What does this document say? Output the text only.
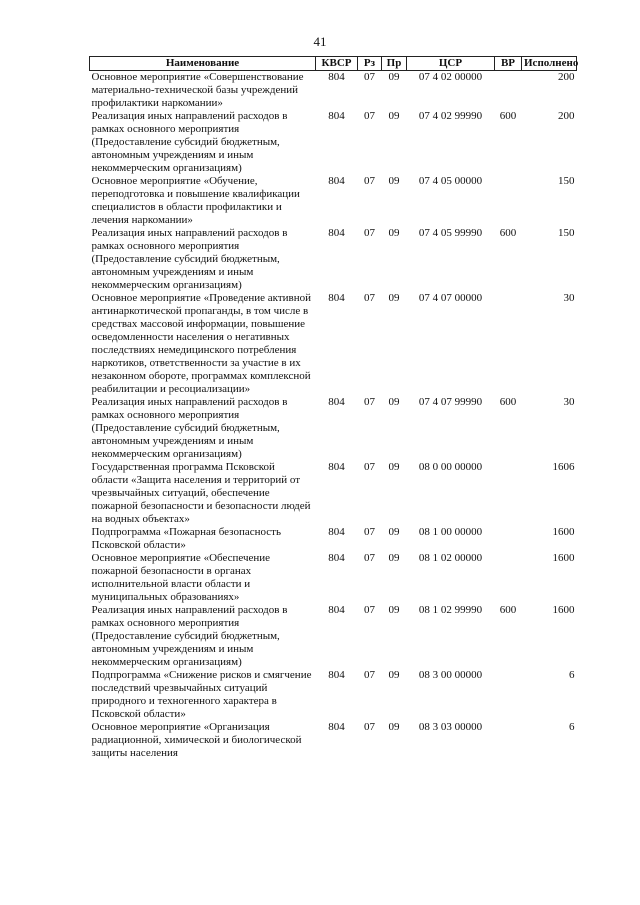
41
Наименование	КВСР	Рз	Пр	ЦСР	ВР	Исполнено
Основное мероприятие «Совершенствование материально-технической базы учреждений профилактики наркомании»	804	07	09	07 4 02 00000		200
Реализация иных направлений расходов в рамках основного мероприятия (Предоставление субсидий бюджетным, автономным учреждениям и иным некоммерческим организациям)	804	07	09	07 4 02 99990	600	200
Основное мероприятие «Обучение, переподготовка и повышение квалификации специалистов в области профилактики и лечения наркомании»	804	07	09	07 4 05 00000		150
Реализация иных направлений расходов в рамках основного мероприятия (Предоставление субсидий бюджетным, автономным учреждениям и иным некоммерческим организациям)	804	07	09	07 4 05 99990	600	150
Основное мероприятие «Проведение активной антинаркотической пропаганды, в том числе в средствах массовой информации, повышение осведомленности населения о негативных последствиях немедицинского потребления наркотиков, ответственности за участие в их незаконном обороте, программах комплексной реабилитации и ресоциализации»	804	07	09	07 4 07 00000		30
Реализация иных направлений расходов в рамках основного мероприятия (Предоставление субсидий бюджетным, автономным учреждениям и иным некоммерческим организациям)	804	07	09	07 4 07 99990	600	30
Государственная программа Псковской области «Защита населения и территорий от чрезвычайных ситуаций, обеспечение пожарной безопасности и безопасности людей на водных объектах»	804	07	09	08 0 00 00000		1606
Подпрограмма «Пожарная безопасность Псковской области»	804	07	09	08 1 00 00000		1600
Основное мероприятие «Обеспечение пожарной безопасности в органах исполнительной власти области и муниципальных образованиях»	804	07	09	08 1 02 00000		1600
Реализация иных направлений расходов в рамках основного мероприятия (Предоставление субсидий бюджетным, автономным учреждениям и иным некоммерческим организациям)	804	07	09	08 1 02 99990	600	1600
Подпрограмма «Снижение рисков и смягчение последствий чрезвычайных ситуаций природного и техногенного характера в Псковской области»	804	07	09	08 3 00 00000		6
Основное мероприятие «Организация радиационной, химической и биологической защиты населения	804	07	09	08 3 03 00000		6
